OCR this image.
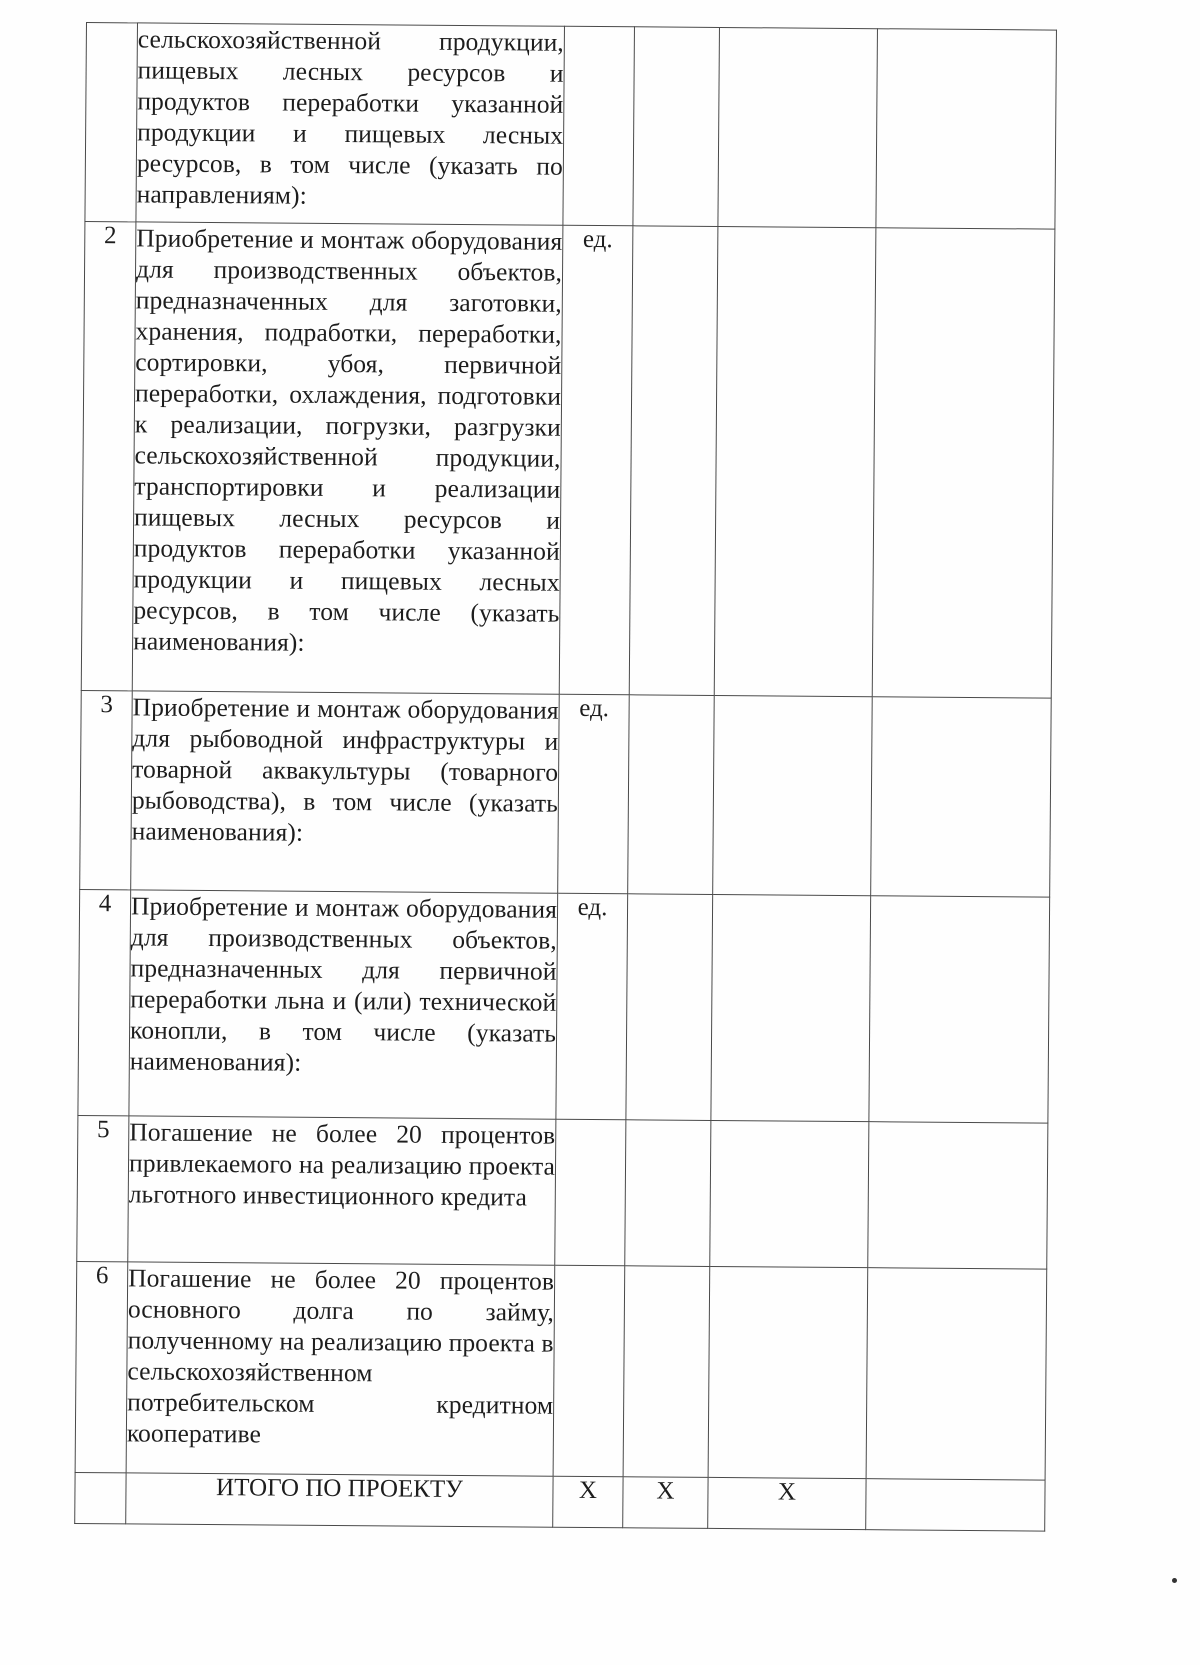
	сельскохозяйственной продукции, пищевых лесных ресурсов и продуктов переработки указанной продукции и пищевых лесных ресурсов, в том числе (указать по направлениям):				

2	Приобретение и монтаж оборудования для производственных объектов, предназначенных для заготовки, хранения, подработки, переработки, сортировки, убоя, первичной переработки, охлаждения, подготовки к реализации, погрузки, разгрузки сельскохозяйственной продукции, транспортировки и реализации пищевых лесных ресурсов и продуктов переработки указанной продукции и пищевых лесных ресурсов, в том числе (указать наименования):	ед.			
3	Приобретение и монтаж оборудования для рыбоводной инфраструктуры и товарной аквакультуры (товарного рыбоводства), в том числе (указать наименования):	ед.			
4	Приобретение и монтаж оборудования для производственных объектов, предназначенных для первичной переработки льна и (или) технической конопли, в том числе (указать наименования):	ед.			
5	Погашение не более 20 процентов привлекаемого на реализацию проекта льготного инвестиционного кредита				

6	Погашение не более 20 процентов основного долга по займу, полученному на реализацию проекта в сельскохозяйственном потребительском кредитном кооперативе				

	ИТОГО ПО ПРОЕКТУ	Х	Х	Х	
